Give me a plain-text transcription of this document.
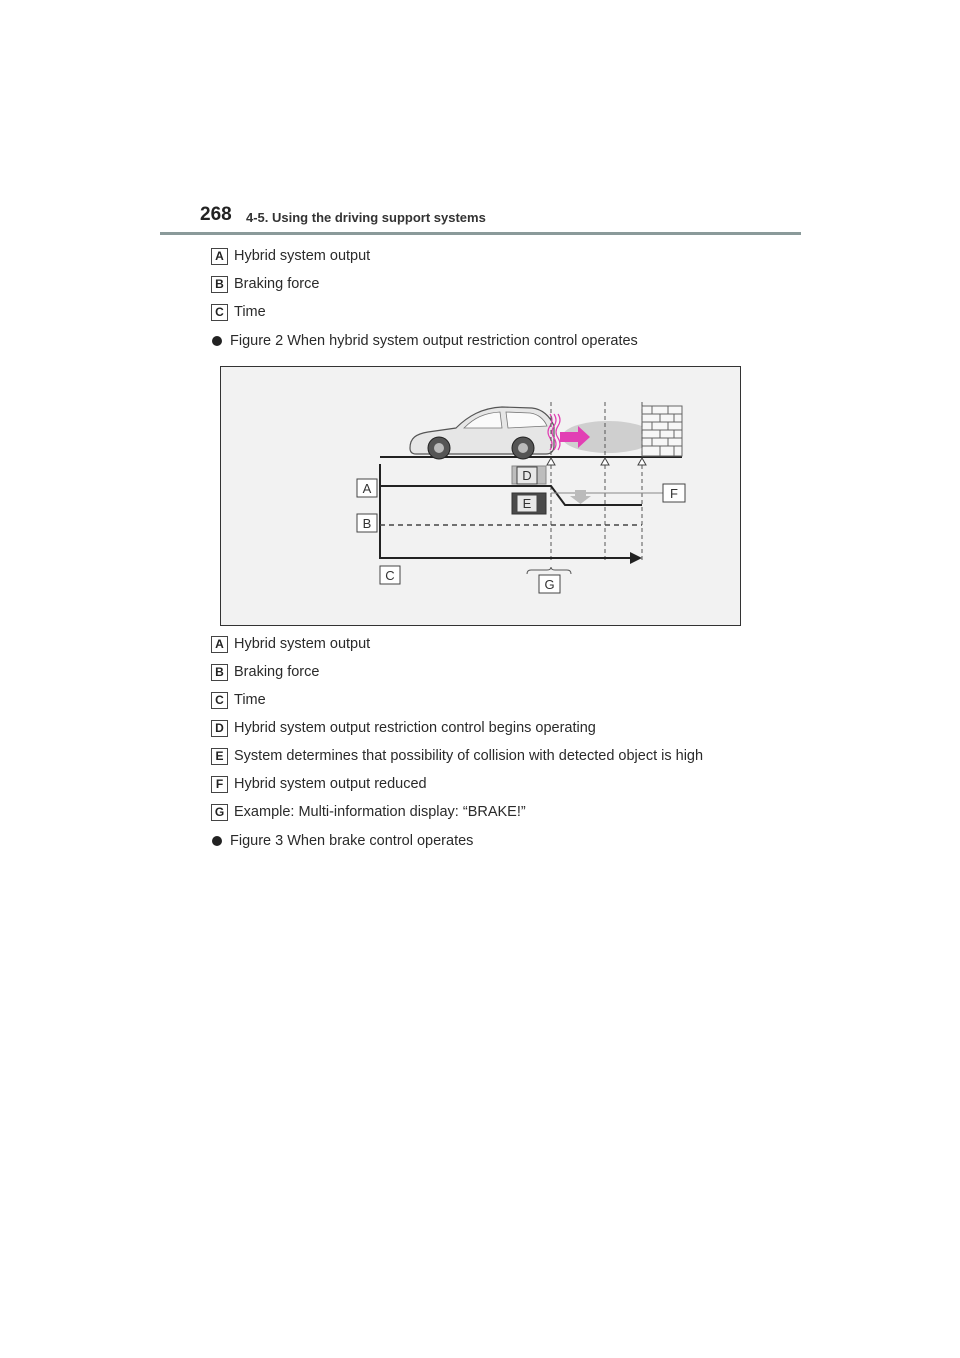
268 4-5. Using the driving support systems
A Hybrid system output
B Braking force
C Time
Figure 2 When hybrid system output restriction control operates
A
B
C
D
E
F
G
A Hybrid system output
B Braking force
C Time
D Hybrid system output restriction control begins operating
E System determines that possibility of collision with detected object is high
F Hybrid system output reduced
G Example: Multi-information display: “BRAKE!”
Figure 3 When brake control operates
